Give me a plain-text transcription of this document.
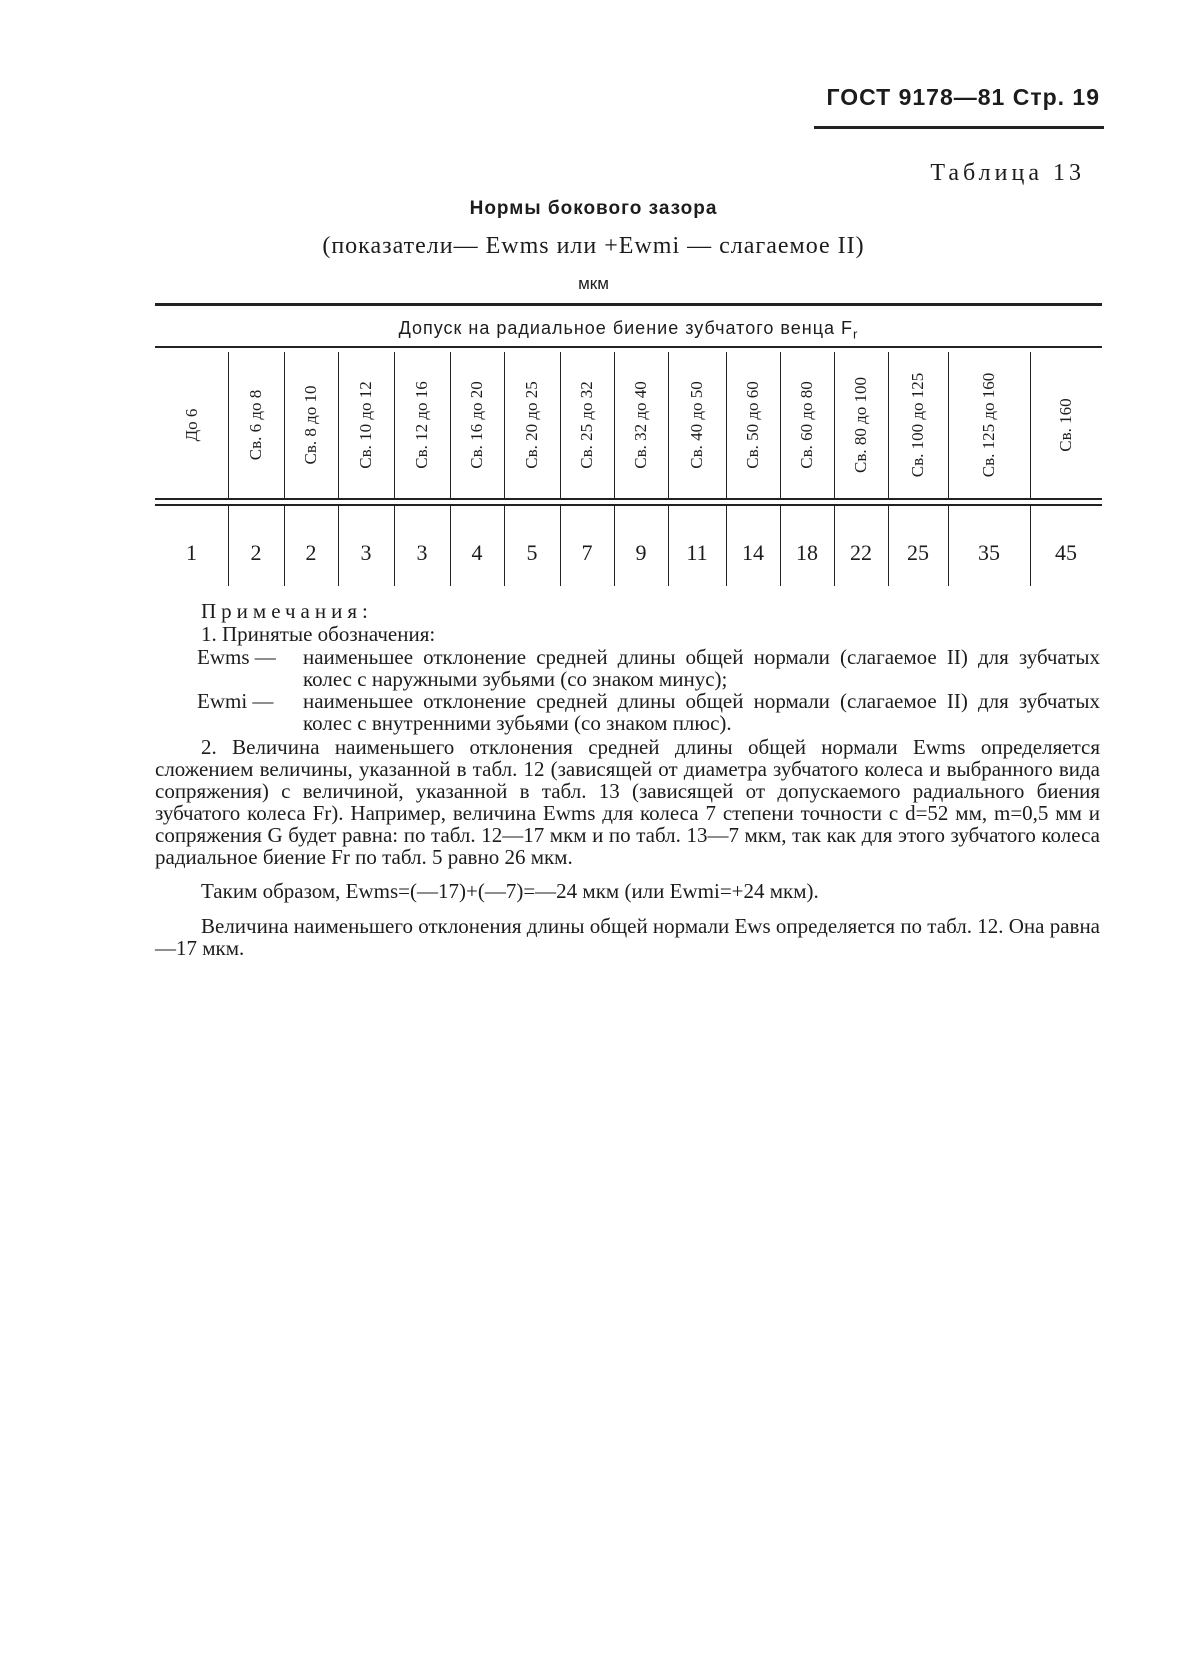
ГОСТ 9178—81 Стр. 19
Таблица 13
Нормы бокового зазора
(показатели— Ewms или +Ewmi — слагаемое II)
мкм
Допуск на радиальное биение зубчатого венца $F_r$
До 6
1
Св. 6 до 8
2
Св. 8 до 10
2
Св. 10 до 12
3
Св. 12 до 16
3
Св. 16 до 20
4
Св. 20 до 25
5
Св. 25 до 32
7
Св. 32 до 40
9
Св. 40 до 50
11
Св. 50 до 60
14
Св. 60 до 80
18
Св. 80 до 100
22
Св. 100 до 125
25
Св. 125 до 160
35
Св. 160
45

Примечания:

1. Принятые обозначения:

Ewms — наименьшее отклонение средней длины общей нормали (слагаемое II) для зубчатых колес с наружными зубьями (со знаком минус);

Ewmi — наименьшее отклонение средней длины общей нормали (слагаемое II) для зубчатых колес с внутренними зубьями (со знаком плюс).

2. Величина наименьшего отклонения средней длины общей нормали Ewms определяется сложением величины, указанной в табл. 12 (зависящей от диаметра зубчатого колеса и выбранного вида сопряжения) с величиной, указанной в табл. 13 (зависящей от допускаемого радиального биения зубчатого колеса Fr). Например, величина Ewms для колеса 7 степени точности с d=52 мм, m=0,5 мм и сопряжения G будет равна: по табл. 12—17 мкм и по табл. 13—7 мкм, так как для этого зубчатого колеса радиальное биение Fr по табл. 5 равно 26 мкм.

Таким образом, Ewms=(—17)+(—7)=—24 мкм (или Ewmi=+24 мкм).

Величина наименьшего отклонения длины общей нормали Ews определяется по табл. 12. Она равна —17 мкм.
